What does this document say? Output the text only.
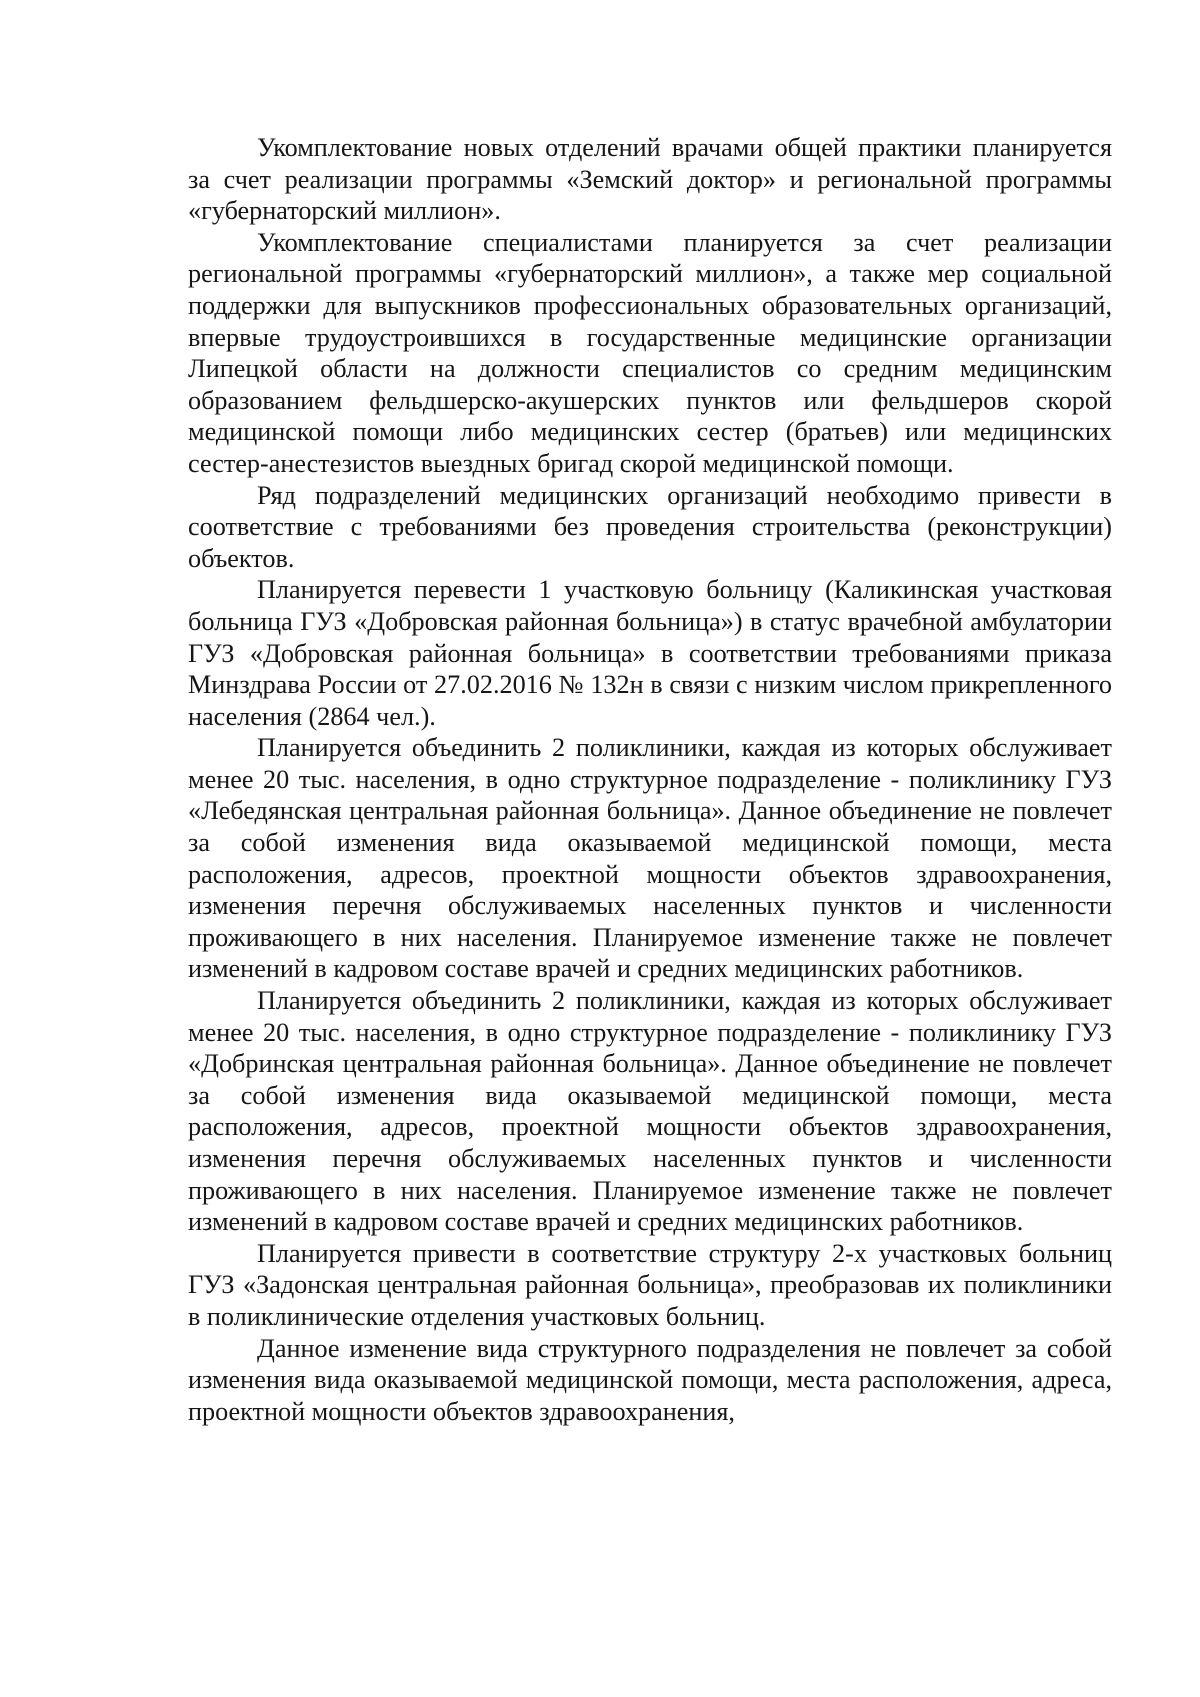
Укомплектование новых отделений врачами общей практики планируется за счет реализации программы «Земский доктор» и региональной программы «губернаторский миллион».

Укомплектование специалистами планируется за счет реализации региональной программы «губернаторский миллион», а также мер социальной поддержки для выпускников профессиональных образовательных организаций, впервые трудоустроившихся в государственные медицинские организации Липецкой области на должности специалистов со средним медицинским образованием фельдшерско-акушерских пунктов или фельдшеров скорой медицинской помощи либо медицинских сестер (братьев) или медицинских сестер-анестезистов выездных бригад скорой медицинской помощи.

Ряд подразделений медицинских организаций необходимо привести в соответствие с требованиями без проведения строительства (реконструкции) объектов.

Планируется перевести 1 участковую больницу (Каликинская участковая больница ГУЗ «Добровская районная больница») в статус врачебной амбулатории ГУЗ «Добровская районная больница» в соответствии требованиями приказа Минздрава России от 27.02.2016 № 132н в связи с низким числом прикрепленного населения (2864 чел.).

Планируется объединить 2 поликлиники, каждая из которых обслуживает менее 20 тыс. населения, в одно структурное подразделение - поликлинику ГУЗ «Лебедянская центральная районная больница». Данное объединение не повлечет за собой изменения вида оказываемой медицинской помощи, места расположения, адресов, проектной мощности объектов здравоохранения, изменения перечня обслуживаемых населенных пунктов и численности проживающего в них населения. Планируемое изменение также не повлечет изменений в кадровом составе врачей и средних медицинских работников.

Планируется объединить 2 поликлиники, каждая из которых обслуживает менее 20 тыс. населения, в одно структурное подразделение - поликлинику ГУЗ «Добринская центральная районная больница». Данное объединение не повлечет за собой изменения вида оказываемой медицинской помощи, места расположения, адресов, проектной мощности объектов здравоохранения, изменения перечня обслуживаемых населенных пунктов и численности проживающего в них населения. Планируемое изменение также не повлечет изменений в кадровом составе врачей и средних медицинских работников.

Планируется привести в соответствие структуру 2-х участковых больниц ГУЗ «Задонская центральная районная больница», преобразовав их поликлиники в поликлинические отделения участковых больниц.

Данное изменение вида структурного подразделения не повлечет за собой изменения вида оказываемой медицинской помощи, места расположения, адреса, проектной мощности объектов здравоохранения,
